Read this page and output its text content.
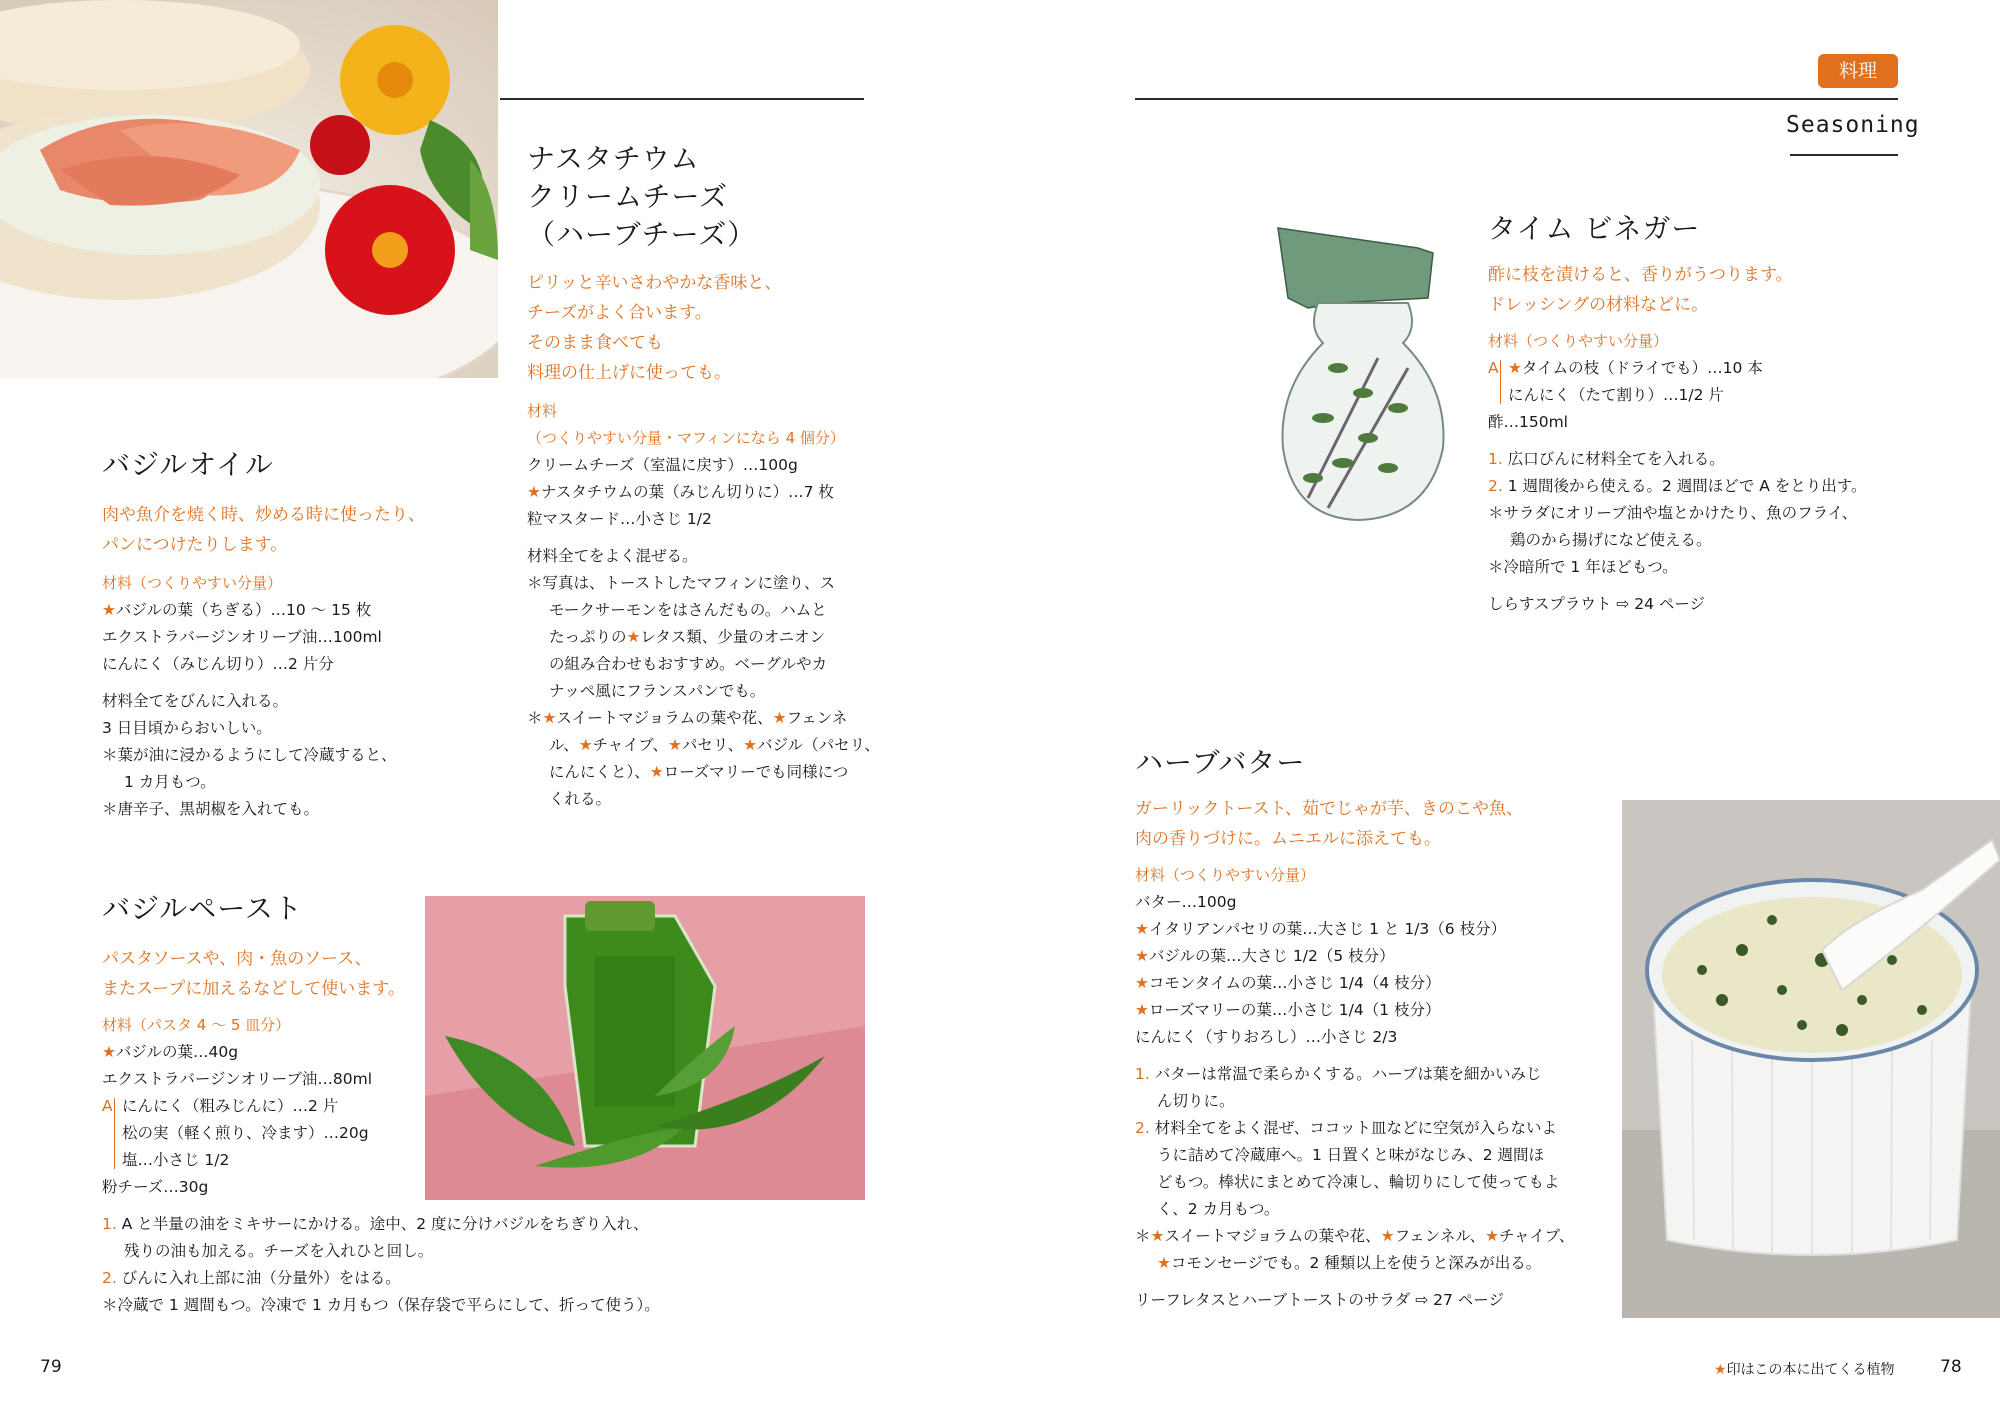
ナスタチウム
クリームチーズ
（ハーブチーズ）
ピリッと辛いさわやかな香味と、
チーズがよく合います。
そのまま食べても
料理の仕上げに使っても。
材料
（つくりやすい分量・マフィンになら 4 個分）
クリームチーズ（室温に戻す）…100g
★ナスタチウムの葉（みじん切りに）…7 枚
粒マスタード…小さじ 1/2
材料全てをよく混ぜる。
＊写真は、トーストしたマフィンに塗り、ス
モークサーモンをはさんだもの。ハムと
たっぷりの★レタス類、少量のオニオン
の組み合わせもおすすめ。ベーグルやカ
ナッペ風にフランスパンでも。
＊★スイートマジョラムの葉や花、★フェンネ
ル、★チャイブ、★パセリ、★バジル（パセリ、
にんにくと）、★ローズマリーでも同様につ
くれる。
バジルオイル
肉や魚介を焼く時、炒める時に使ったり、
パンにつけたりします。
材料（つくりやすい分量）
★バジルの葉（ちぎる）…10 ～ 15 枚
エクストラバージンオリーブ油…100ml
にんにく（みじん切り）…2 片分
材料全てをびんに入れる。
3 日目頃からおいしい。
＊葉が油に浸かるようにして冷蔵すると、
1 カ月もつ。
＊唐辛子、黒胡椒を入れても。
バジルペースト
パスタソースや、肉・魚のソース、
またスープに加えるなどして使います。
材料（パスタ 4 ～ 5 皿分）
★バジルの葉…40g
エクストラバージンオリーブ油…80ml
A にんにく（粗みじんに）…2 片
松の実（軽く煎り、冷ます）…20g
塩…小さじ 1/2
粉チーズ…30g
1. A と半量の油をミキサーにかける。途中、2 度に分けバジルをちぎり入れ、
残りの油も加える。チーズを入れひと回し。
2. びんに入れ上部に油（分量外）をはる。
＊冷蔵で 1 週間もつ。冷凍で 1 カ月もつ（保存袋で平らにして、折って使う）。
79
料理
Seasoning
タイム ビネガー
酢に枝を漬けると、香りがうつります。
ドレッシングの材料などに。
材料（つくりやすい分量）
A ★タイムの枝（ドライでも）…10 本
にんにく（たて割り）…1/2 片
酢…150ml
1. 広口びんに材料全てを入れる。
2. 1 週間後から使える。2 週間ほどで A をとり出す。
＊サラダにオリーブ油や塩とかけたり、魚のフライ、
鶏のから揚げになど使える。
＊冷暗所で 1 年ほどもつ。
しらすスプラウト ⇨ 24 ページ
ハーブバター
ガーリックトースト、茹でじゃが芋、きのこや魚、
肉の香りづけに。ムニエルに添えても。
材料（つくりやすい分量）
バター…100g
★イタリアンパセリの葉…大さじ 1 と 1/3（6 枝分）
★バジルの葉…大さじ 1/2（5 枝分）
★コモンタイムの葉…小さじ 1/4（4 枝分）
★ローズマリーの葉…小さじ 1/4（1 枝分）
にんにく（すりおろし）…小さじ 2/3
1. バターは常温で柔らかくする。ハーブは葉を細かいみじ
ん切りに。
2. 材料全てをよく混ぜ、ココット皿などに空気が入らないよ
うに詰めて冷蔵庫へ。1 日置くと味がなじみ、2 週間ほ
どもつ。棒状にまとめて冷凍し、輪切りにして使ってもよ
く、2 カ月もつ。
＊★スイートマジョラムの葉や花、★フェンネル、★チャイブ、
★コモンセージでも。2 種類以上を使うと深みが出る。
リーフレタスとハーブトーストのサラダ ⇨ 27 ページ
★印はこの本に出てくる植物	78
